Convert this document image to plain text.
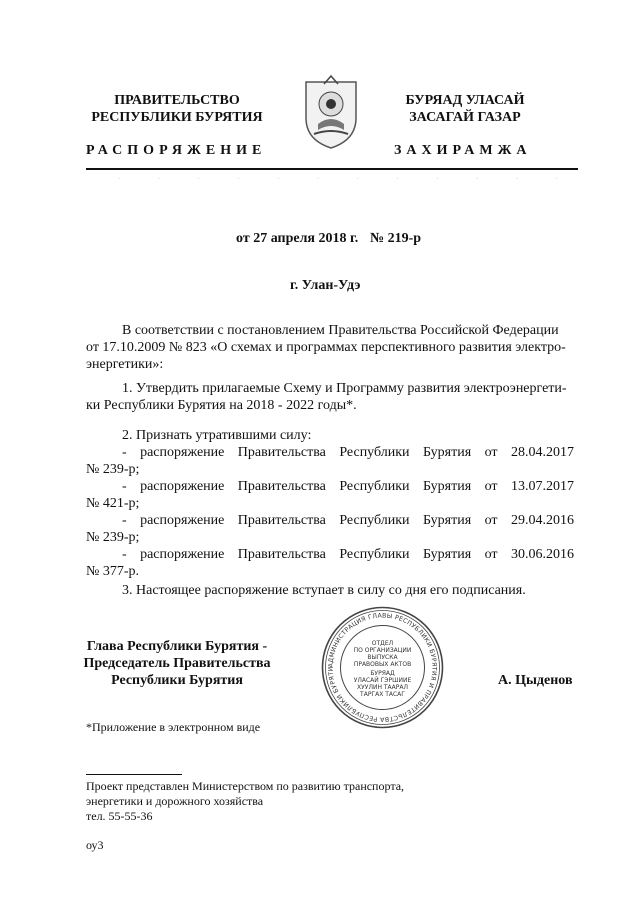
ПРАВИТЕЛЬСТВО
РЕСПУБЛИКИ БУРЯТИЯ
РАСПОРЯЖЕНИЕ
БУРЯАД УЛАСАЙ
ЗАСАГАЙ ГАЗАР
ЗАХИРАМЖА
·	·	·	·	·	·	·	·	·	·	·	·
от 27 апреля 2018 г. № 219-р
г. Улан-Удэ
В соответствии с постановлением Правительства Российской Федерации
от 17.10.2009 № 823 «О схемах и программах перспективного развития электро-
энергетики»:
1. Утвердить прилагаемые Схему и Программу развития электроэнергети-
ки Республики Бурятия на 2018 - 2022 годы*.
2. Признать утратившими силу:
- распоряжение Правительства Республики Бурятия от 28.04.2017
№ 239-р;
- распоряжение Правительства Республики Бурятия от 13.07.2017
№ 421-р;
- распоряжение Правительства Республики Бурятия от 29.04.2016
№ 239-р;
- распоряжение Правительства Республики Бурятия от 30.06.2016
№ 377-р.
3. Настоящее распоряжение вступает в силу со дня его подписания.
Глава Республики Бурятия -
Председатель Правительства
Республики Бурятия
АДМИНИСТРАЦИЯ ГЛАВЫ РЕСПУБЛИКИ БУРЯТИЯ И ПРАВИТЕЛЬСТВА РЕСПУБЛИКИ БУРЯТИ
ОТДЕЛ
ПО ОРГАНИЗАЦИИ
ВЫПУСКА
ПРАВОВЫХ АКТОВ
БУРЯАД
УЛАСАЙ ГЭРШИИЕ
ХУУЛИН ТААРАЛ
ТАРГАХ ТАСАГ
А. Цыденов
*Приложение в электронном виде
Проект представлен Министерством по развитию транспорта,
энергетики и дорожного хозяйства
тел. 55-55-36
оу3
